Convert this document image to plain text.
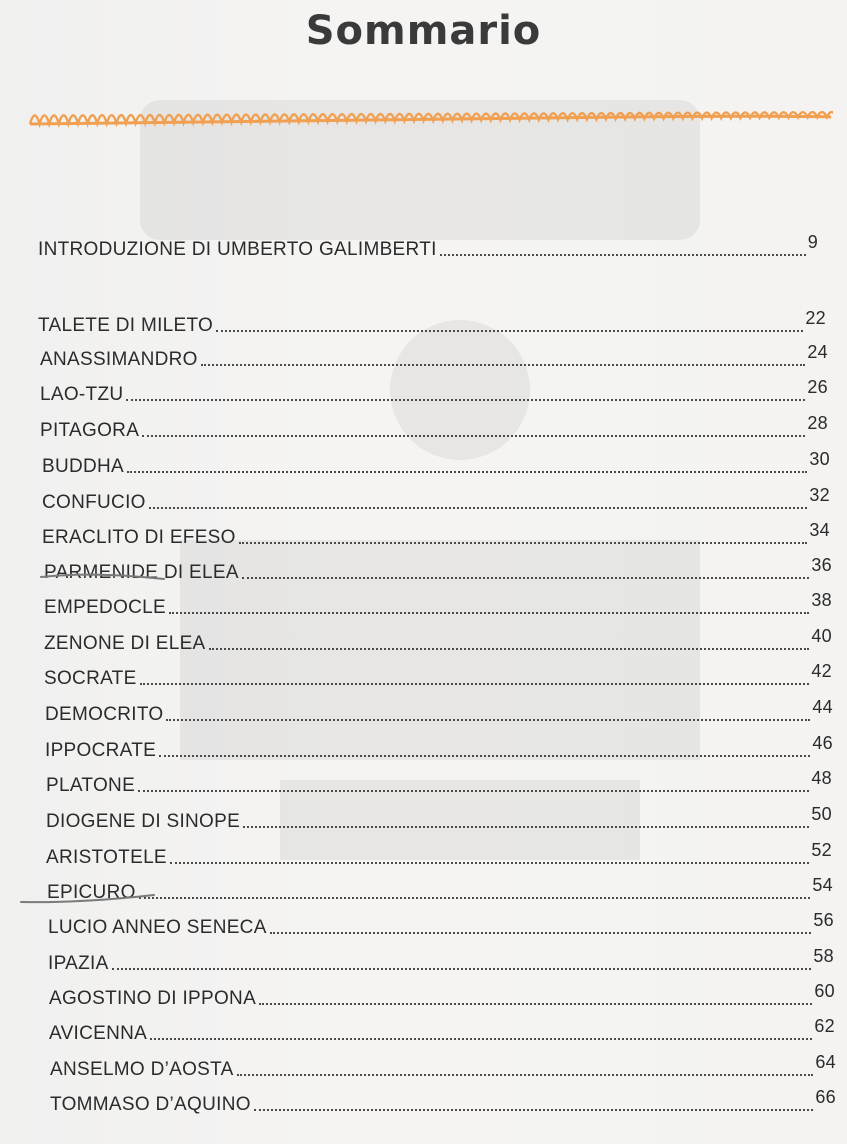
Sommario
INTRODUZIONE DI UMBERTO GALIMBERTI	9
TALETE DI MILETO	22
ANASSIMANDRO	24
LAO-TZU	26
PITAGORA	28
BUDDHA	30
CONFUCIO	32
ERACLITO DI EFESO	34
PARMENIDE DI ELEA	36
EMPEDOCLE	38
ZENONE DI ELEA	40
SOCRATE	42
DEMOCRITO	44
IPPOCRATE	46
PLATONE	48
DIOGENE DI SINOPE	50
ARISTOTELE	52
EPICURO	54
LUCIO ANNEO SENECA	56
IPAZIA	58
AGOSTINO DI IPPONA	60
AVICENNA	62
ANSELMO D’AOSTA	64
TOMMASO D’AQUINO	66
